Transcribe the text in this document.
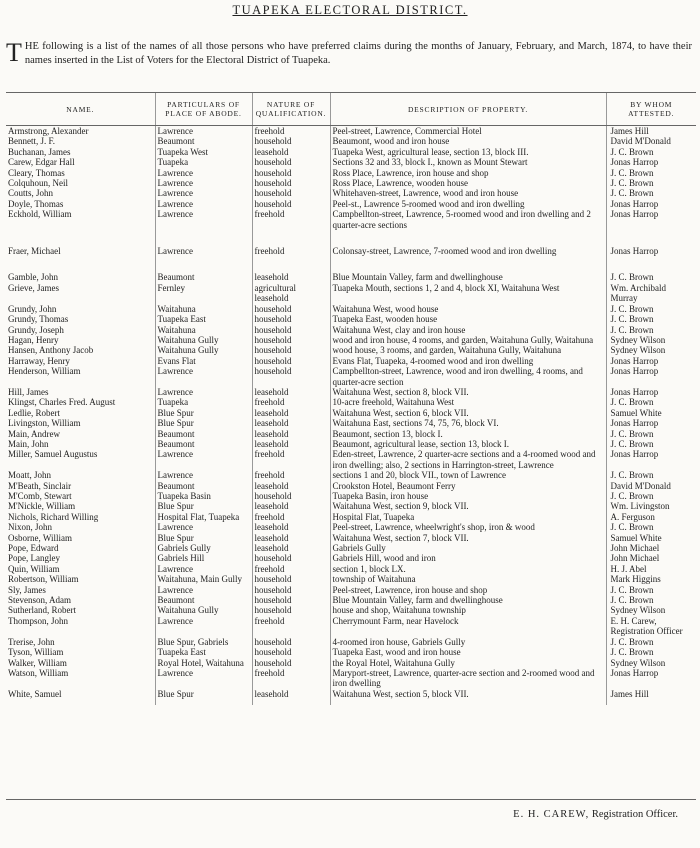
TUAPEKA ELECTORAL DISTRICT.
THE following is a list of the names of all those persons who have preferred claims during the months of January, February, and March, 1874, to have their names inserted in the List of Voters for the Electoral District of Tuapeka.
NAME.	PARTICULARS OF PLACE OF ABODE.	NATURE OF QUALIFICATION.	DESCRIPTION OF PROPERTY.	BY WHOM ATTESTED.
Armstrong, Alexander	Lawrence	freehold	Peel-street, Lawrence, Commercial Hotel	James Hill
Bennett, J. F.	Beaumont	household	Beaumont, wood and iron house	David M'Donald
Buchanan, James	Tuapeka West	leasehold	Tuapeka West, agricultural lease, section 13, block III.	J. C. Brown
Carew, Edgar Hall	Tuapeka	household	Sections 32 and 33, block I., known as Mount Stewart	Jonas Harrop
Cleary, Thomas	Lawrence	household	Ross Place, Lawrence, iron house and shop	J. C. Brown
Colquhoun, Neil	Lawrence	household	Ross Place, Lawrence, wooden house	J. C. Brown
Coutts, John	Lawrence	household	Whitehaven-street, Lawrence, wood and iron house	J. C. Brown
Doyle, Thomas	Lawrence	household	Peel-st., Lawrence 5-roomed wood and iron dwelling	Jonas Harrop
Eckhold, William	Lawrence	freehold	Campbellton-street, Lawrence, 5-roomed wood and iron dwelling and 2 quarter-acre sections	Jonas Harrop

Fraer, Michael	Lawrence	freehold	Colonsay-street, Lawrence, 7-roomed wood and iron dwelling	Jonas Harrop

Gamble, John	Beaumont	leasehold	Blue Mountain Valley, farm and dwellinghouse	J. C. Brown
Grieve, James	Fernley	agricultural leasehold	Tuapeka Mouth, sections 1, 2 and 4, block XI, Waitahuna West	Wm. Archibald Murray
Grundy, John	Waitahuna	household	Waitahuna West, wood house	J. C. Brown
Grundy, Thomas	Tuapeka East	household	Tuapeka East, wooden house	J. C. Brown
Grundy, Joseph	Waitahuna	household	Waitahuna West, clay and iron house	J. C. Brown
Hagan, Henry	Waitahuna Gully	household	wood and iron house, 4 rooms, and garden, Waitahuna Gully, Waitahuna	Sydney Wilson
Hansen, Anthony Jacob	Waitahuna Gully	household	wood house, 3 rooms, and garden, Waitahuna Gully, Waitahuna	Sydney Wilson
Harraway, Henry	Evans Flat	household	Evans Flat, Tuapeka, 4-roomed wood and iron dwelling	Jonas Harrop
Henderson, William	Lawrence	household	Campbellton-street, Lawrence, wood and iron dwelling, 4 rooms, and quarter-acre section	Jonas Harrop
Hill, James	Lawrence	leasehold	Waitahuna West, section 8, block VII.	Jonas Harrop
Klingst, Charles Fred. August	Tuapeka	freehold	10-acre freehold, Waitahuna West	J. C. Brown
Ledlie, Robert	Blue Spur	leasehold	Waitahuna West, section 6, block VII.	Samuel White
Livingston, William	Blue Spur	leasehold	Waitahuna East, sections 74, 75, 76, block VI.	Jonas Harrop
Main, Andrew	Beaumont	leasehold	Beaumont, section 13, block I.	J. C. Brown
Main, John	Beaumont	leasehold	Beaumont, agricultural lease, section 13, block I.	J. C. Brown
Miller, Samuel Augustus	Lawrence	freehold	Eden-street, Lawrence, 2 quarter-acre sections and a 4-roomed wood and iron dwelling; also, 2 sections in Harrington-street, Lawrence	Jonas Harrop
Moatt, John	Lawrence	freehold	sections 1 and 20, block VII., town of Lawrence	J. C. Brown
M'Beath, Sinclair	Beaumont	leasehold	Crookston Hotel, Beaumont Ferry	David M'Donald
M'Comb, Stewart	Tuapeka Basin	household	Tuapeka Basin, iron house	J. C. Brown
M'Nickle, William	Blue Spur	leasehold	Waitahuna West, section 9, block VII.	Wm. Livingston
Nichols, Richard Willing	Hospital Flat, Tuapeka	freehold	Hospital Flat, Tuapeka	A. Ferguson
Nixon, John	Lawrence	leasehold	Peel-street, Lawrence, wheelwright's shop, iron & wood	J. C. Brown
Osborne, William	Blue Spur	leasehold	Waitahuna West, section 7, block VII.	Samuel White
Pope, Edward	Gabriels Gully	leasehold	Gabriels Gully	John Michael
Pope, Langley	Gabriels Hill	household	Gabriels Hill, wood and iron	John Michael
Quin, William	Lawrence	freehold	section 1, block LX.	H. J. Abel
Robertson, William	Waitahuna, Main Gully	household	township of Waitahuna	Mark Higgins
Sly, James	Lawrence	household	Peel-street, Lawrence, iron house and shop	J. C. Brown
Stevenson, Adam	Beaumont	household	Blue Mountain Valley, farm and dwellinghouse	J. C. Brown
Sutherland, Robert	Waitahuna Gully	household	house and shop, Waitahuna township	Sydney Wilson
Thompson, John	Lawrence	freehold	Cherrymount Farm, near Havelock	E. H. Carew, Registration Officer
Trerise, John	Blue Spur, Gabriels	household	4-roomed iron house, Gabriels Gully	J. C. Brown
Tyson, William	Tuapeka East	household	Tuapeka East, wood and iron house	J. C. Brown
Walker, William	Royal Hotel, Waitahuna	household	the Royal Hotel, Waitahuna Gully	Sydney Wilson
Watson, William	Lawrence	freehold	Maryport-street, Lawrence, quarter-acre section and 2-roomed wood and iron dwelling	Jonas Harrop
White, Samuel	Blue Spur	leasehold	Waitahuna West, section 5, block VII.	James Hill
E. H. CAREW, Registration Officer.
